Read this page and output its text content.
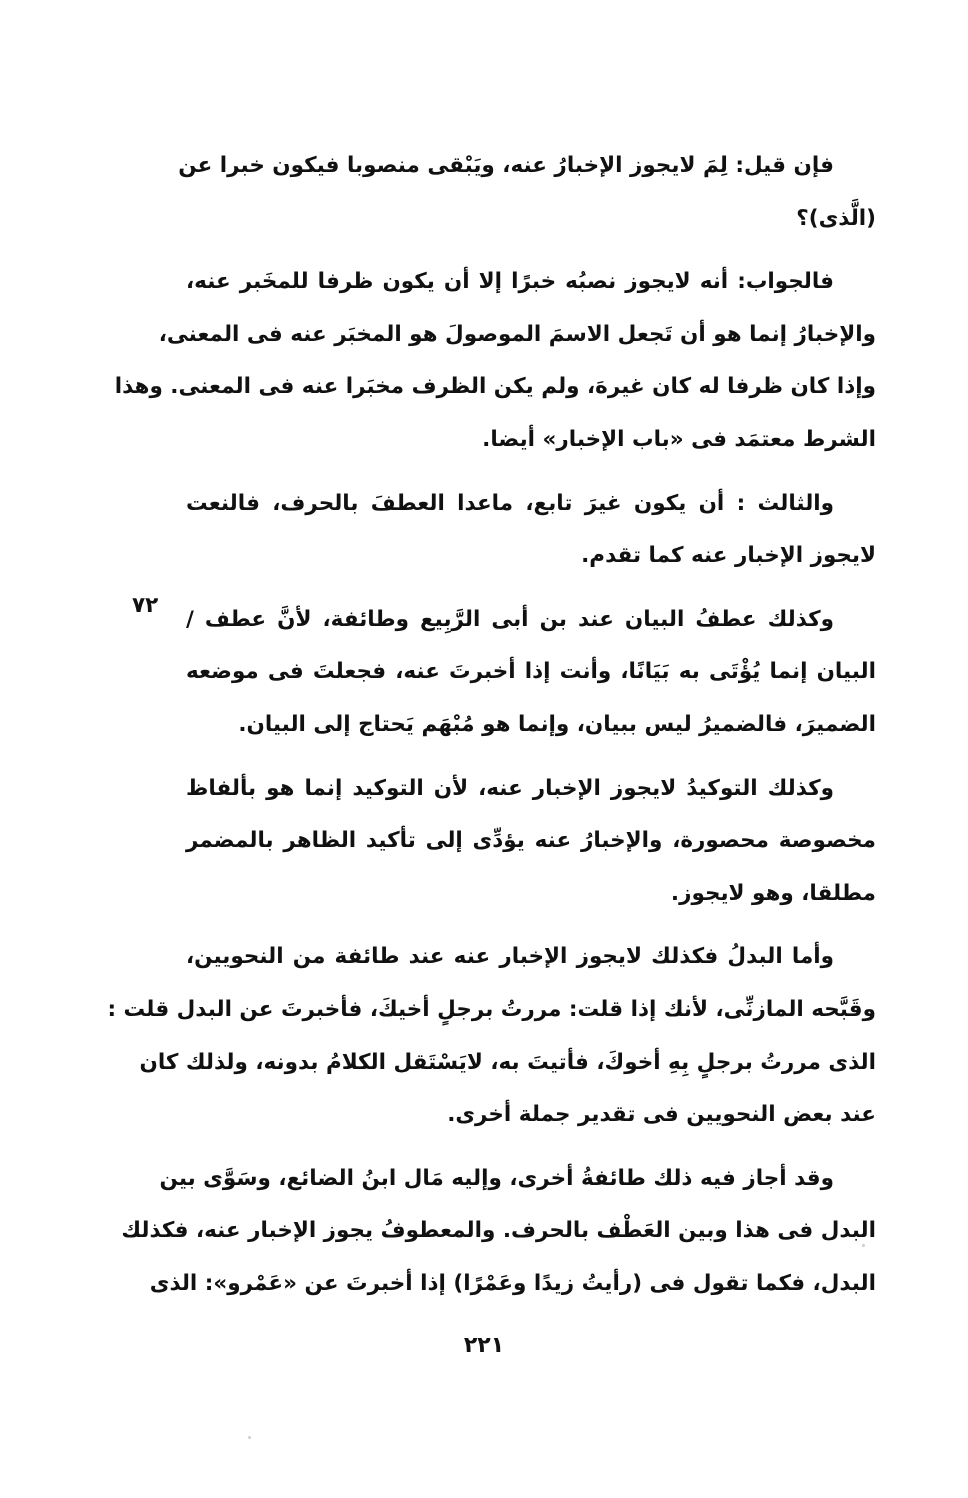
فإن قيل: لِمَ لايجوز الإخبارُ عنه، ويَبْقى منصوبا فيكون خبرا عن
(الَّذى)؟
فالجواب: أنه لايجوز نصبُه خبرًا إلا أن يكون ظرفا للمخَبر عنه،
والإخبارُ إنما هو أن تَجعل الاسمَ الموصولَ هو المخبَر عنه فى المعنى،
وإذا كان ظرفا له كان غيرهَ، ولم يكن الظرف مخبَرا عنه فى المعنى. وهذا
الشرط معتمَد فى «باب الإخبار» أيضا.
والثالث : أن يكون غيرَ تابع، ماعدا العطفَ بالحرف، فالنعت
لايجوز الإخبار عنه كما تقدم.
وكذلك عطفُ البيان عند بن أبى الرَّبِيع وطائفة، لأنَّ عطف /
البيان إنما يُؤْتَى به بَيَانًا، وأنت إذا أخبرتَ عنه، فجعلتَ فى موضعه
الضميرَ، فالضميرُ ليس ببيان، وإنما هو مُبْهَم يَحتاج إلى البيان.
وكذلك التوكيدُ لايجوز الإخبار عنه، لأن التوكيد إنما هو بألفاظ
مخصوصة محصورة، والإخبارُ عنه يؤدِّى إلى تأكيد الظاهر بالمضمر
مطلقا، وهو لايجوز.
وأما البدلُ فكذلك لايجوز الإخبار عنه عند طائفة من النحويين،
وقَبَّحه المازنِّى، لأنك إذا قلت: مررتُ برجلٍ أخيكَ، فأخبرتَ عن البدل قلت :
الذى مررتُ برجلٍ بِهِ أخوكَ، فأتيتَ به، لايَسْتَقل الكلامُ بدونه، ولذلك كان
عند بعض النحويين فى تقدير جملة أخرى.
وقد أجاز فيه ذلك طائفةُ أخرى، وإليه مَال ابنُ الضائع، وسَوَّى بين
البدل فى هذا وبين العَطْف بالحرف. والمعطوفُ يجوز الإخبار عنه، فكذلك
البدل، فكما تقول فى (رأيتُ زيدًا وعَمْرًا) إذا أخبرتَ عن «عَمْرو»: الذى
٧٢
٢٢١
